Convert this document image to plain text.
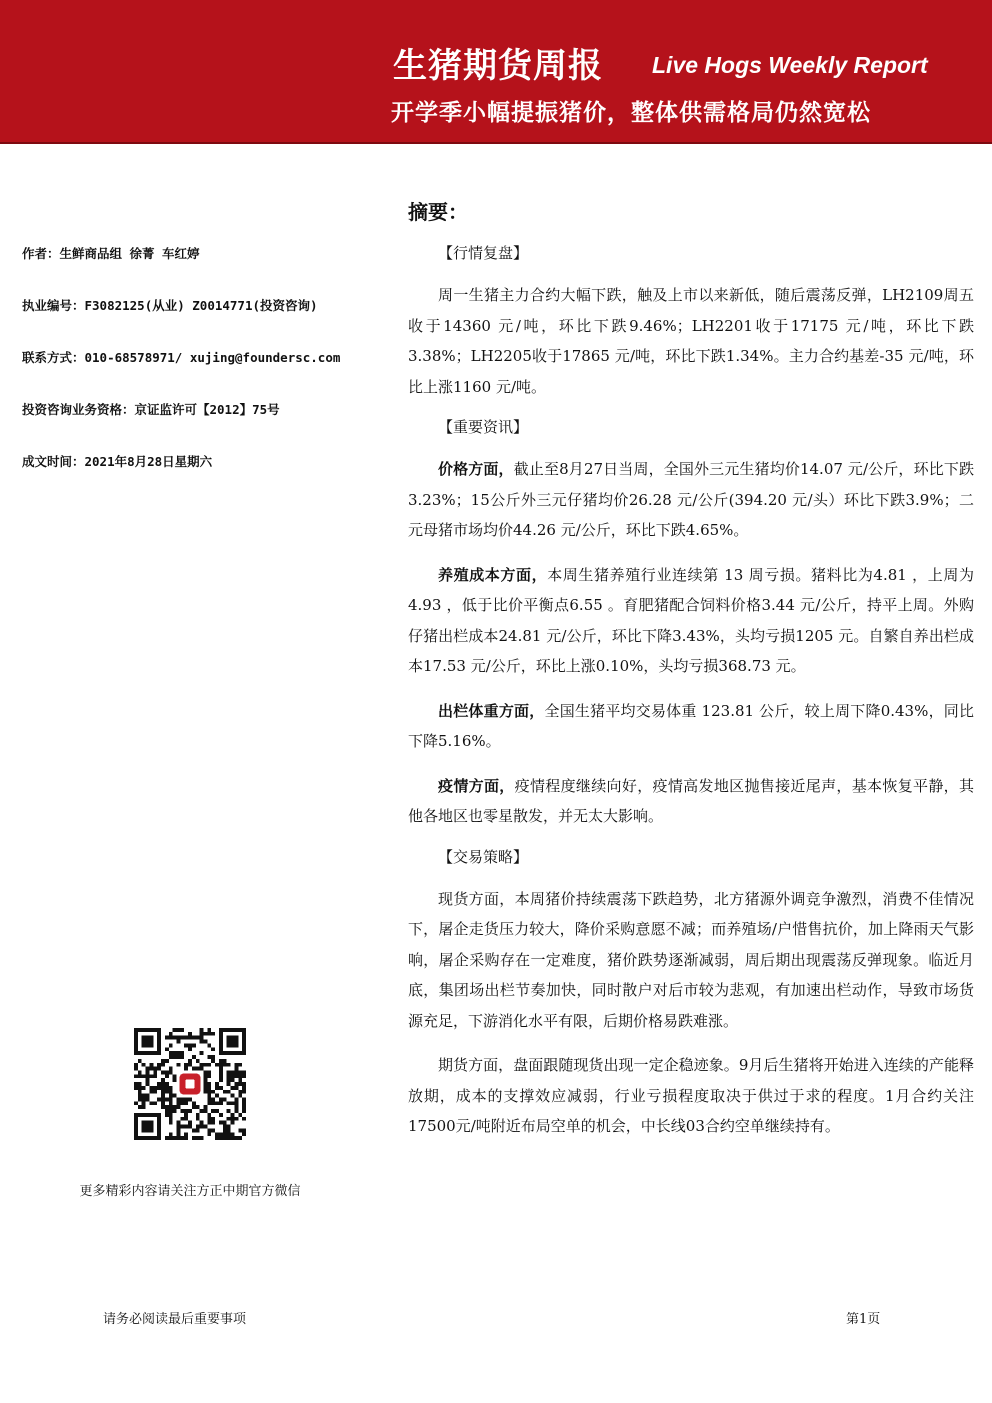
生猪期货周报 Live Hogs Weekly Report
开学季小幅提振猪价，整体供需格局仍然宽松
作者：生鲜商品组 徐菁 车红婷
执业编号：F3082125(从业) Z0014771(投资咨询)
联系方式：010-68578971/ xujing@foundersc.com
投资咨询业务资格：京证监许可【2012】75号
成文时间：2021年8月28日星期六
更多精彩内容请关注方正中期官方微信
摘要：
【行情复盘】

周一生猪主力合约大幅下跌，触及上市以来新低，随后震荡反弹，LH2109周五收于14360 元/吨，环比下跌9.46%；LH2201收于17175 元/吨，环比下跌3.38%；LH2205收于17865 元/吨，环比下跌1.34%。主力合约基差-35 元/吨，环比上涨1160 元/吨。

【重要资讯】

价格方面，截止至8月27日当周，全国外三元生猪均价14.07 元/公斤，环比下跌3.23%；15公斤外三元仔猪均价26.28 元/公斤(394.20 元/头）环比下跌3.9%；二元母猪市场均价44.26 元/公斤，环比下跌4.65%。

养殖成本方面，本周生猪养殖行业连续第 13 周亏损。猪料比为4.81 ，上周为4.93 ，低于比价平衡点6.55 。育肥猪配合饲料价格3.44 元/公斤，持平上周。外购仔猪出栏成本24.81 元/公斤，环比下降3.43%，头均亏损1205 元。自繁自养出栏成本17.53 元/公斤，环比上涨0.10%，头均亏损368.73 元。

出栏体重方面，全国生猪平均交易体重 123.81 公斤，较上周下降0.43%，同比下降5.16%。

疫情方面，疫情程度继续向好，疫情高发地区抛售接近尾声，基本恢复平静，其他各地区也零星散发，并无太大影响。

【交易策略】

现货方面，本周猪价持续震荡下跌趋势，北方猪源外调竞争激烈，消费不佳情况下，屠企走货压力较大，降价采购意愿不减；而养殖场/户惜售抗价，加上降雨天气影响，屠企采购存在一定难度，猪价跌势逐渐减弱，周后期出现震荡反弹现象。临近月底，集团场出栏节奏加快，同时散户对后市较为悲观，有加速出栏动作，导致市场货源充足，下游消化水平有限，后期价格易跌难涨。

期货方面，盘面跟随现货出现一定企稳迹象。9月后生猪将开始进入连续的产能释放期，成本的支撑效应减弱，行业亏损程度取决于供过于求的程度。1月合约关注17500元/吨附近布局空单的机会，中长线03合约空单继续持有。

请务必阅读最后重要事项	第1页
